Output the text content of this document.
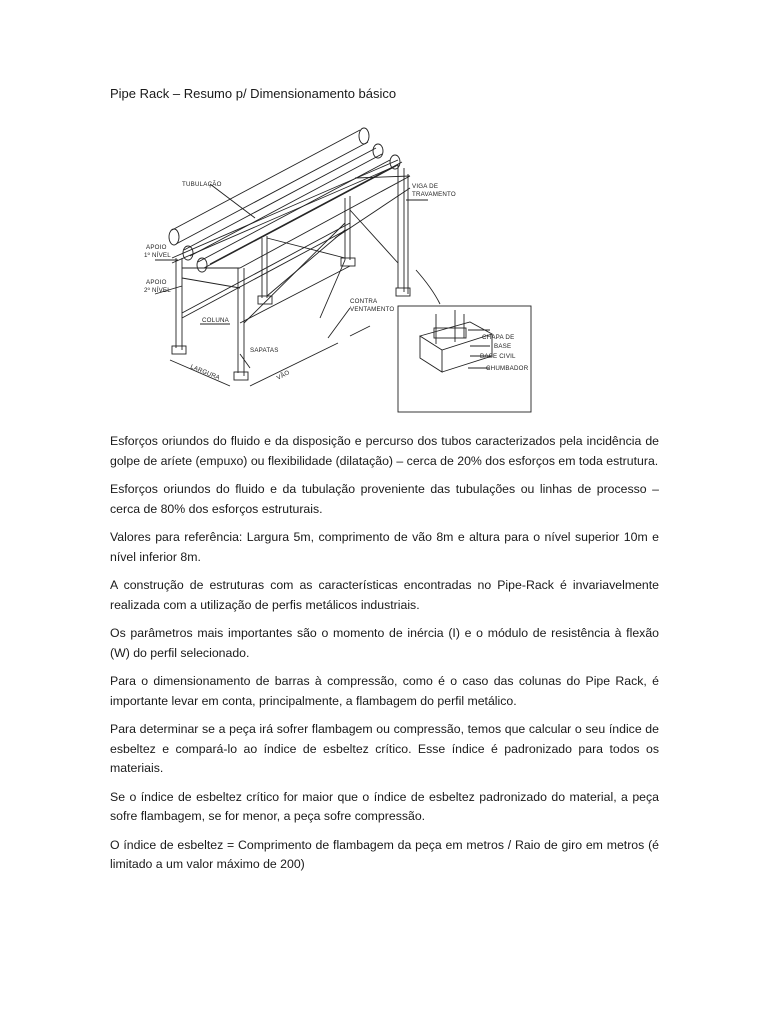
Pipe Rack – Resumo p/ Dimensionamento básico
TUBULAÇÃO	VIGA DE
TRAVAMENTO
APOIO
1º NÍVEL
APOIO
2º NÍVEL
COLUNA
SAPATAS
LARGURA	VÃO
CONTRA
VENTAMENTO
CHAPA DE
BASE
BASE CIVIL
CHUMBADOR

Esforços oriundos do fluido e da disposição e percurso dos tubos caracterizados pela incidência de golpe de aríete (empuxo) ou flexibilidade (dilatação) – cerca de 20% dos esforços em toda estrutura.

Esforços oriundos do fluido e da tubulação proveniente das tubulações ou linhas de processo – cerca de 80% dos esforços estruturais.

Valores para referência: Largura 5m, comprimento de vão 8m e altura para o nível superior 10m e nível inferior 8m.

A construção de estruturas com as características encontradas no Pipe-Rack é invariavelmente realizada com a utilização de perfis metálicos industriais.

Os parâmetros mais importantes são o momento de inércia (I) e o módulo de resistência à flexão (W) do perfil selecionado.

Para o dimensionamento de barras à compressão, como é o caso das colunas do Pipe Rack, é importante levar em conta, principalmente, a flambagem do perfil metálico.

Para determinar se a peça irá sofrer flambagem ou compressão, temos que calcular o seu índice de esbeltez e compará-lo ao índice de esbeltez crítico. Esse índice é padronizado para todos os materiais.

Se o índice de esbeltez crítico for maior que o índice de esbeltez padronizado do material, a peça sofre flambagem, se for menor, a peça sofre compressão.

O índice de esbeltez = Comprimento de flambagem da peça em metros / Raio de giro em metros (é limitado a um valor máximo de 200)
